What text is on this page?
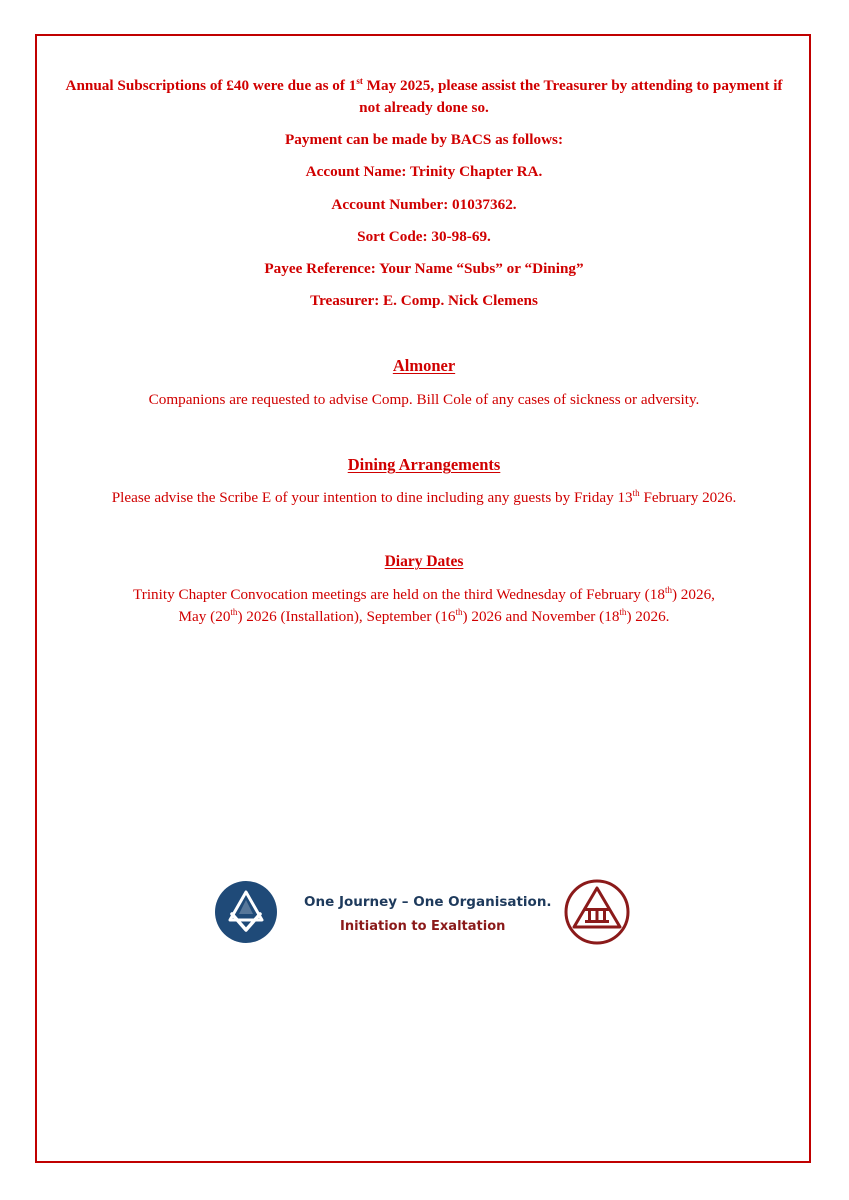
Annual Subscriptions of £40 were due as of 1st May 2025, please assist the Treasurer by attending to payment if
not already done so.

Payment can be made by BACS as follows:

Account Name: Trinity Chapter RA.

Account Number: 01037362.

Sort Code: 30-98-69.

Payee Reference: Your Name “Subs” or “Dining”

Treasurer: E. Comp. Nick Clemens

Almoner

Companions are requested to advise Comp. Bill Cole of any cases of sickness or adversity.

Dining Arrangements

Please advise the Scribe E of your intention to dine including any guests by Friday 13th February 2026.

Diary Dates

Trinity Chapter Convocation meetings are held on the third Wednesday of February (18th) 2026,
May (20th) 2026 (Installation), September (16th) 2026 and November (18th) 2026.

One Journey – One Organisation.
Initiation to Exaltation
